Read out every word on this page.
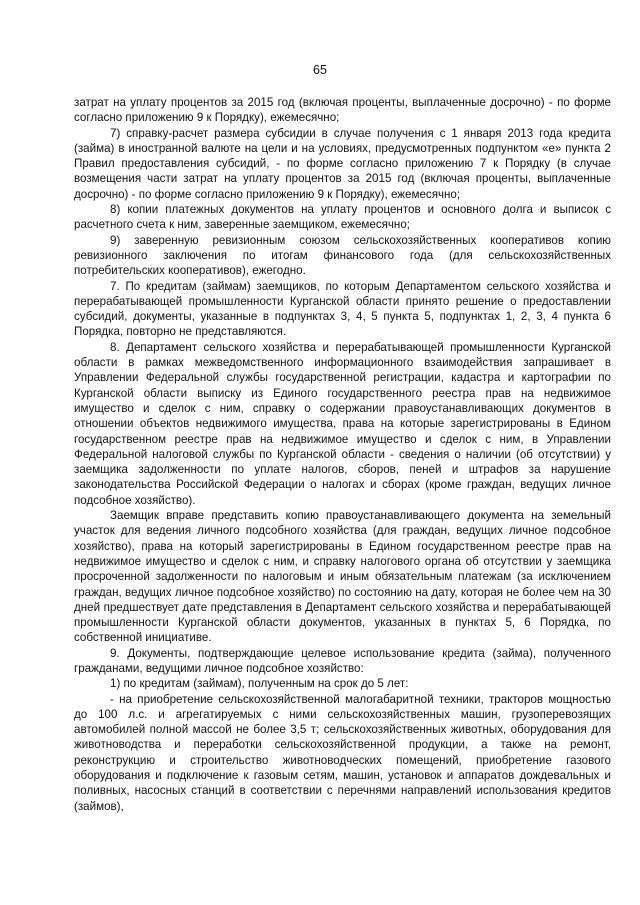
65

затрат на уплату процентов за 2015 год (включая проценты, выплаченные досрочно) - по форме согласно приложению 9 к Порядку), ежемесячно;

7) справку-расчет размера субсидии в случае получения с 1 января 2013 года кредита (займа) в иностранной валюте на цели и на условиях, предусмотренных подпунктом «е» пункта 2 Правил предоставления субсидий, - по форме согласно приложению 7 к Порядку (в случае возмещения части затрат на уплату процентов за 2015 год (включая проценты, выплаченные досрочно) - по форме согласно приложению 9 к Порядку), ежемесячно;

8) копии платежных документов на уплату процентов и основного долга и выписок с расчетного счета к ним, заверенные заемщиком, ежемесячно;

9) заверенную ревизионным союзом сельскохозяйственных кооперативов копию ревизионного заключения по итогам финансового года (для сельскохозяйственных потребительских кооперативов), ежегодно.

7. По кредитам (займам) заемщиков, по которым Департаментом сельского хозяйства и перерабатывающей промышленности Курганской области принято решение о предоставлении субсидий, документы, указанные в подпунктах 3, 4, 5 пункта 5, подпунктах 1, 2, 3, 4 пункта 6 Порядка, повторно не представляются.

8. Департамент сельского хозяйства и перерабатывающей промышленности Курганской области в рамках межведомственного информационного взаимодействия запрашивает в Управлении Федеральной службы государственной регистрации, кадастра и картографии по Курганской области выписку из Единого государственного реестра прав на недвижимое имущество и сделок с ним, справку о содержании правоустанавливающих документов в отношении объектов недвижимого имущества, права на которые зарегистрированы в Едином государственном реестре прав на недвижимое имущество и сделок с ним, в Управлении Федеральной налоговой службы по Курганской области - сведения о наличии (об отсутствии) у заемщика задолженности по уплате налогов, сборов, пеней и штрафов за нарушение законодательства Российской Федерации о налогах и сборах (кроме граждан, ведущих личное подсобное хозяйство).

Заемщик вправе представить копию правоустанавливающего документа на земельный участок для ведения личного подсобного хозяйства (для граждан, ведущих личное подсобное хозяйство), права на который зарегистрированы в Едином государственном реестре прав на недвижимое имущество и сделок с ним, и справку налогового органа об отсутствии у заемщика просроченной задолженности по налоговым и иным обязательным платежам (за исключением граждан, ведущих личное подсобное хозяйство) по состоянию на дату, которая не более чем на 30 дней предшествует дате представления в Департамент сельского хозяйства и перерабатывающей промышленности Курганской области документов, указанных в пунктах 5, 6 Порядка, по собственной инициативе.

9. Документы, подтверждающие целевое использование кредита (займа), полученного гражданами, ведущими личное подсобное хозяйство:

1) по кредитам (займам), полученным на срок до 5 лет:

- на приобретение сельскохозяйственной малогабаритной техники, тракторов мощностью до 100 л.с. и агрегатируемых с ними сельскохозяйственных машин, грузоперевозящих автомобилей полной массой не более 3,5 т; сельскохозяйственных животных, оборудования для животноводства и переработки сельскохозяйственной продукции, а также на ремонт, реконструкцию и строительство животноводческих помещений, приобретение газового оборудования и подключение к газовым сетям, машин, установок и аппаратов дождевальных и поливных, насосных станций в соответствии с перечнями направлений использования кредитов (займов),
